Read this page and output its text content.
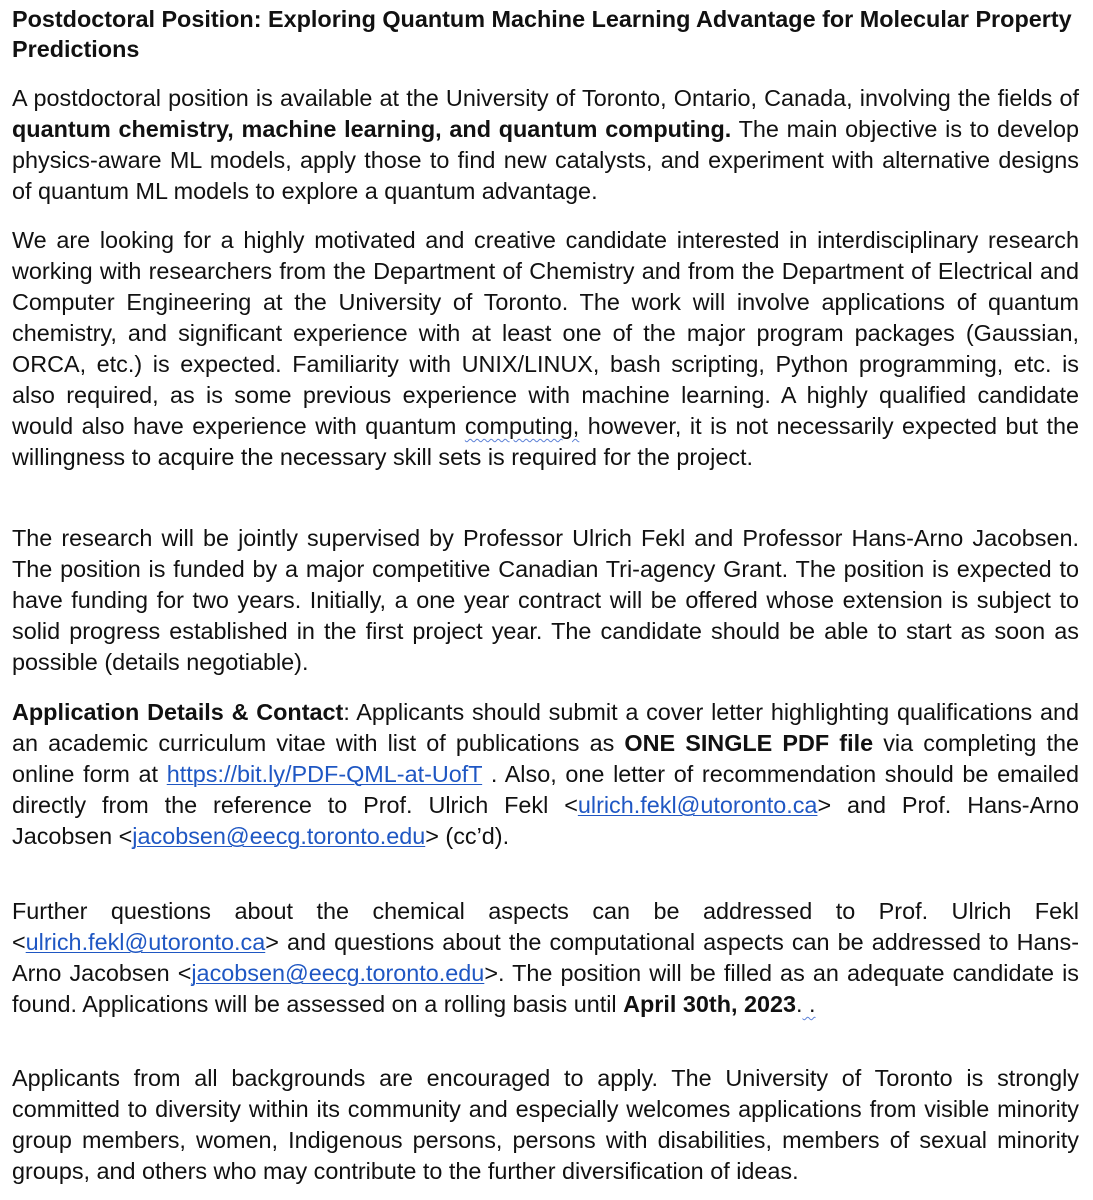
Postdoctoral Position: Exploring Quantum Machine Learning Advantage for Molecular Property Predictions

A postdoctoral position is available at the University of Toronto, Ontario, Canada, involving the fields of quantum chemistry, machine learning, and quantum computing. The main objective is to develop physics-aware ML models, apply those to find new catalysts, and experiment with alternative designs of quantum ML models to explore a quantum advantage.

We are looking for a highly motivated and creative candidate interested in interdisciplinary research working with researchers from the Department of Chemistry and from the Department of Electrical and Computer Engineering at the University of Toronto. The work will involve applications of quantum chemistry, and significant experience with at least one of the major program packages (Gaussian, ORCA, etc.) is expected. Familiarity with UNIX/LINUX, bash scripting, Python programming, etc. is also required, as is some previous experience with machine learning. A highly qualified candidate would also have experience with quantum computing, however, it is not necessarily expected but the willingness to acquire the necessary skill sets is required for the project.

The research will be jointly supervised by Professor Ulrich Fekl and Professor Hans-Arno Jacobsen. The position is funded by a major competitive Canadian Tri-agency Grant. The position is expected to have funding for two years. Initially, a one year contract will be offered whose extension is subject to solid progress established in the first project year. The candidate should be able to start as soon as possible (details negotiable).

Application Details & Contact: Applicants should submit a cover letter highlighting qualifications and an academic curriculum vitae with list of publications as ONE SINGLE PDF file via completing the online form at https://bit.ly/PDF-QML-at-UofT . Also, one letter of recommendation should be emailed directly from the reference to Prof. Ulrich Fekl <ulrich.fekl@utoronto.ca> and Prof. Hans-Arno Jacobsen <jacobsen@eecg.toronto.edu> (cc’d).

Further questions about the chemical aspects can be addressed to Prof. Ulrich Fekl <ulrich.fekl@utoronto.ca> and questions about the computational aspects can be addressed to Hans-Arno Jacobsen <jacobsen@eecg.toronto.edu>. The position will be filled as an adequate candidate is found. Applications will be assessed on a rolling basis until April 30th, 2023. .

Applicants from all backgrounds are encouraged to apply. The University of Toronto is strongly committed to diversity within its community and especially welcomes applications from visible minority group members, women, Indigenous persons, persons with disabilities, members of sexual minority groups, and others who may contribute to the further diversification of ideas.
